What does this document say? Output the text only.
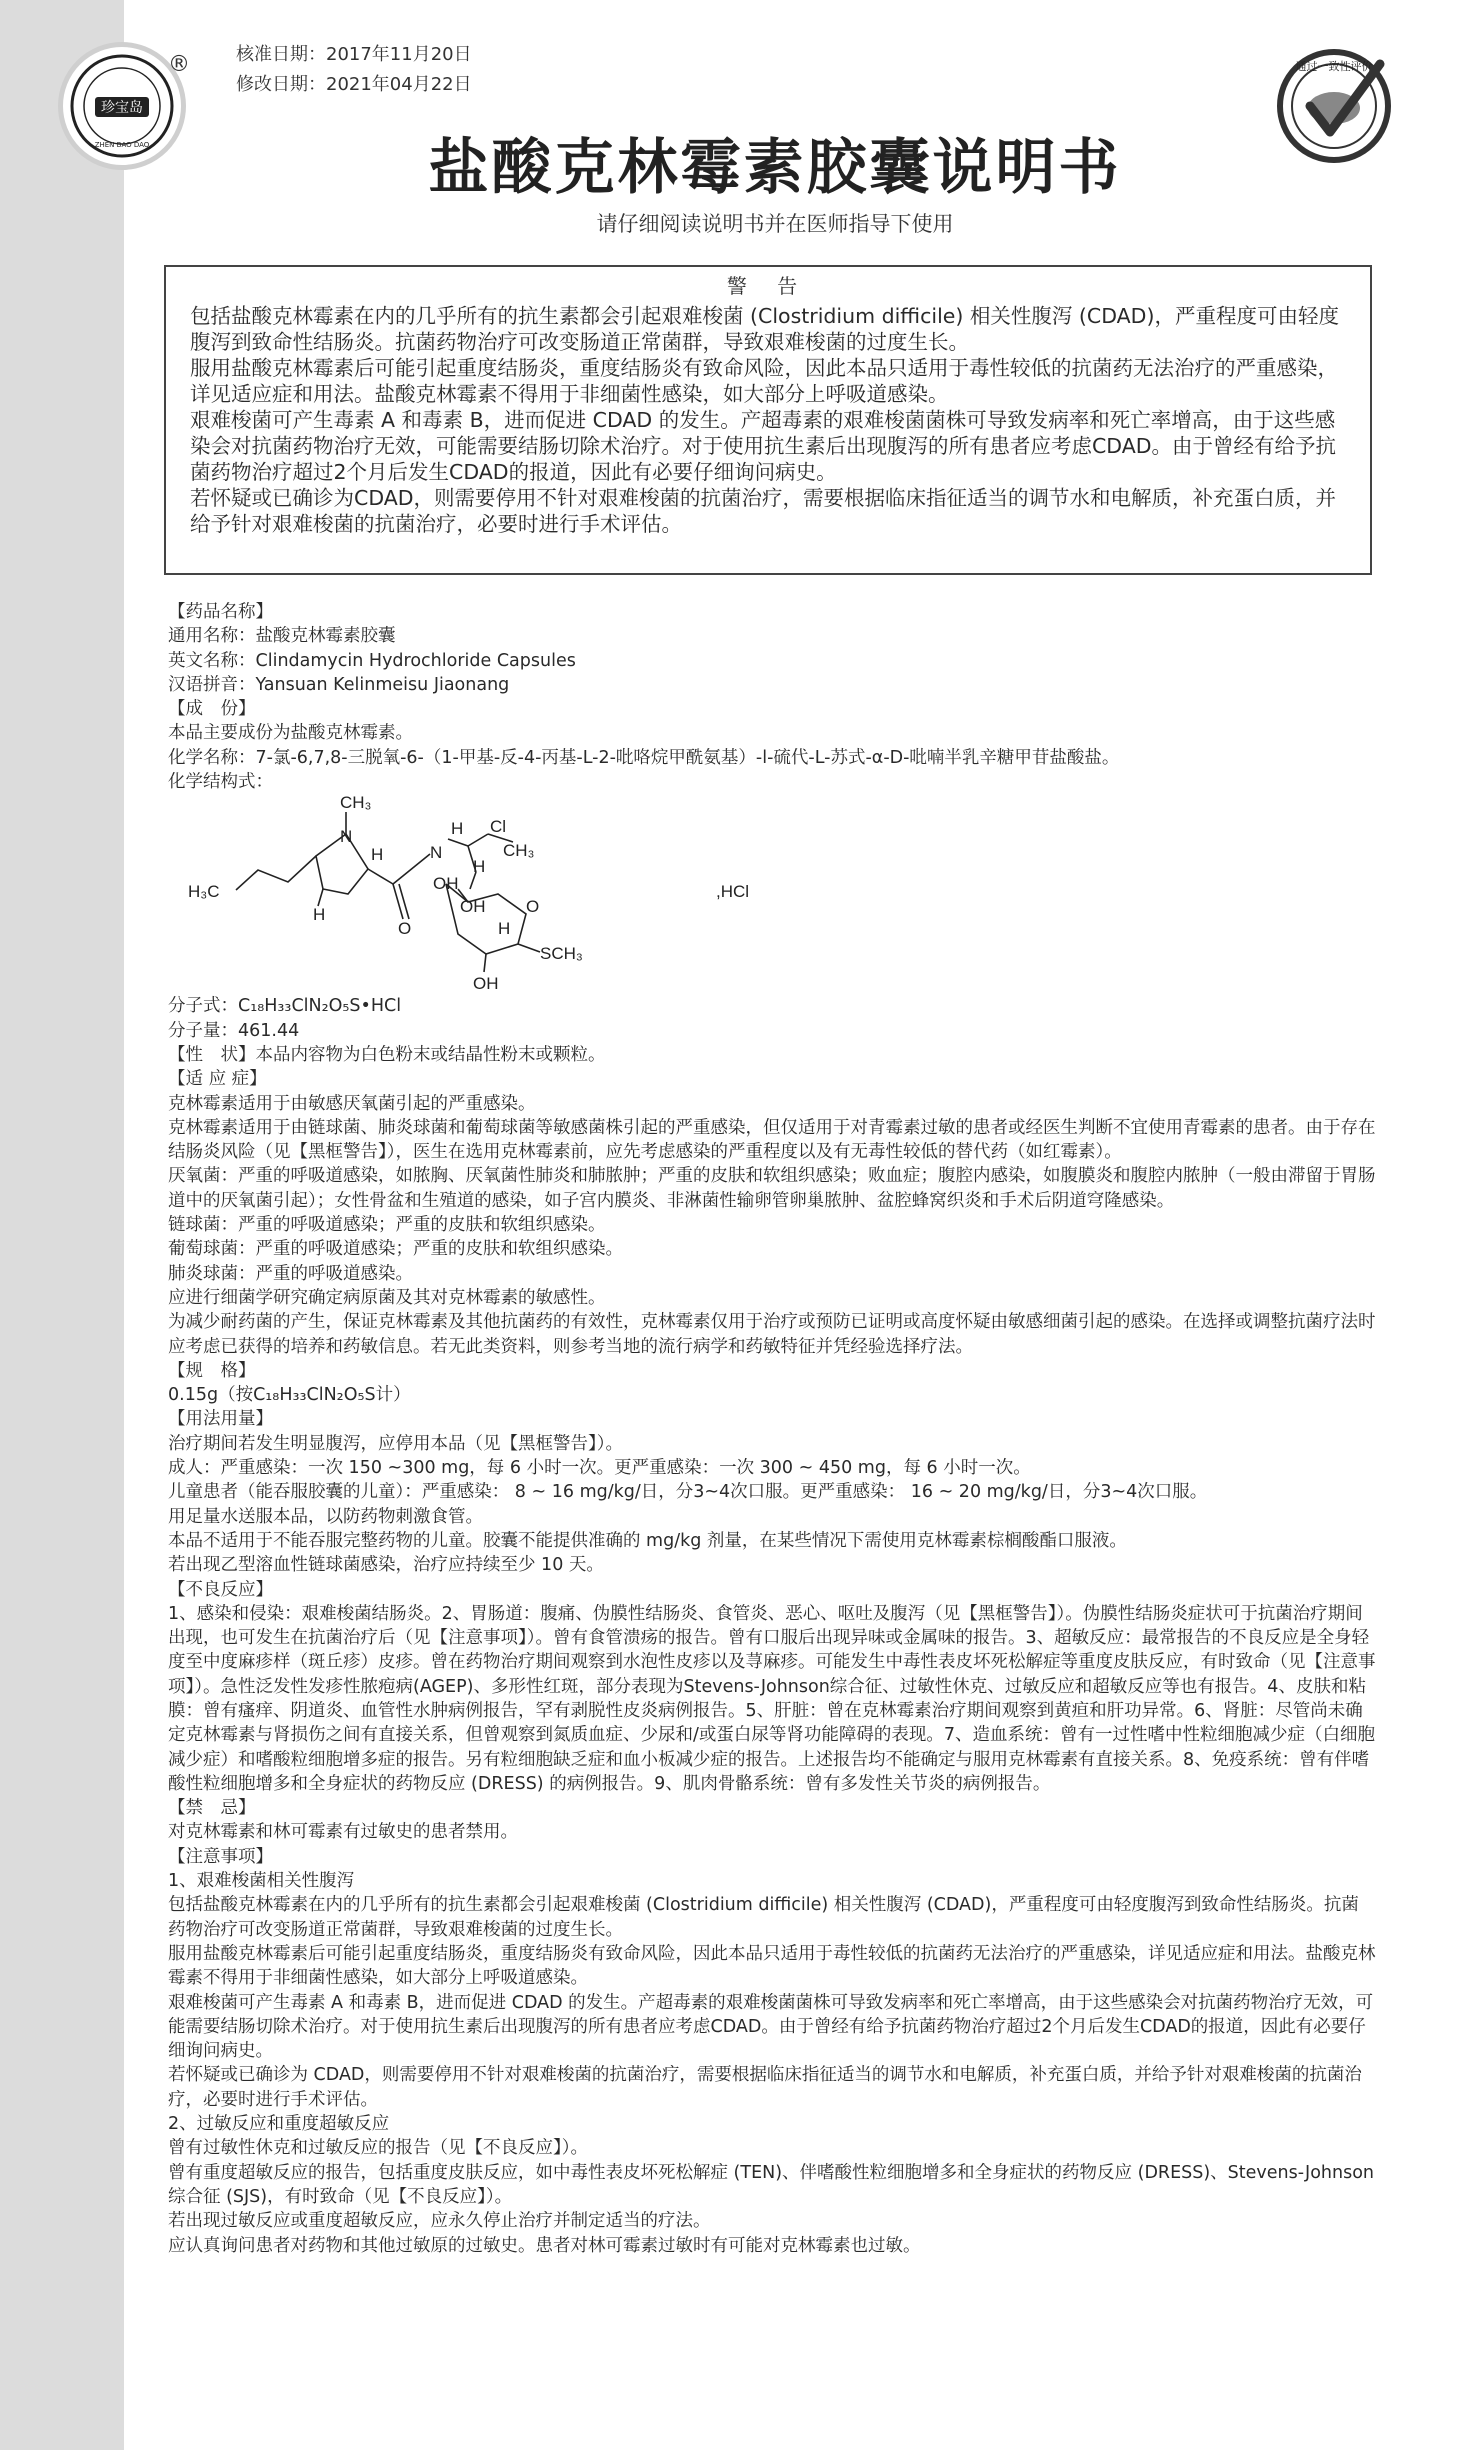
珍宝岛
ZHEN BAO DAO
®	核准日期：2017年11月20日
修改日期：2021年04月22日
通过一致性评价
盐酸克林霉素胶囊说明书
请仔细阅读说明书并在医师指导下使用
警 告

包括盐酸克林霉素在内的几乎所有的抗生素都会引起艰难梭菌 (Clostridium difficile) 相关性腹泻 (CDAD)，严重程度可由轻度腹泻到致命性结肠炎。抗菌药物治疗可改变肠道正常菌群，导致艰难梭菌的过度生长。

服用盐酸克林霉素后可能引起重度结肠炎，重度结肠炎有致命风险，因此本品只适用于毒性较低的抗菌药无法治疗的严重感染，详见适应症和用法。盐酸克林霉素不得用于非细菌性感染，如大部分上呼吸道感染。

艰难梭菌可产生毒素 A 和毒素 B，进而促进 CDAD 的发生。产超毒素的艰难梭菌菌株可导致发病率和死亡率增高，由于这些感染会对抗菌药物治疗无效，可能需要结肠切除术治疗。对于使用抗生素后出现腹泻的所有患者应考虑CDAD。由于曾经有给予抗菌药物治疗超过2个月后发生CDAD的报道，因此有必要仔细询问病史。

若怀疑或已确诊为CDAD，则需要停用不针对艰难梭菌的抗菌治疗，需要根据临床指征适当的调节水和电解质，补充蛋白质，并给予针对艰难梭菌的抗菌治疗，必要时进行手术评估。

【药品名称】

通用名称：盐酸克林霉素胶囊

英文名称：Clindamycin Hydrochloride Capsules

汉语拼音：Yansuan Kelinmeisu Jiaonang

【成　份】

本品主要成份为盐酸克林霉素。

化学名称：7-氯-6,7,8-三脱氧-6-（1-甲基-反-4-丙基-L-2-吡咯烷甲酰氨基）-l-硫代-L-苏式-α-D-吡喃半乳辛糖甲苷盐酸盐。

化学结构式：

CH₃
N
H
H
N
Cl
H
CH₃
H₃C
H
O
OH
H
OH O
SCH₃
OH
,HCl

分子式：C₁₈H₃₃ClN₂O₅S•HCl

分子量：461.44

【性　状】本品内容物为白色粉末或结晶性粉末或颗粒。

【适 应 症】

克林霉素适用于由敏感厌氧菌引起的严重感染。

克林霉素适用于由链球菌、肺炎球菌和葡萄球菌等敏感菌株引起的严重感染，但仅适用于对青霉素过敏的患者或经医生判断不宜使用青霉素的患者。由于存在结肠炎风险（见【黑框警告】），医生在选用克林霉素前，应先考虑感染的严重程度以及有无毒性较低的替代药（如红霉素）。

厌氧菌：严重的呼吸道感染，如脓胸、厌氧菌性肺炎和肺脓肿；严重的皮肤和软组织感染；败血症；腹腔内感染，如腹膜炎和腹腔内脓肿（一般由滞留于胃肠道中的厌氧菌引起）；女性骨盆和生殖道的感染，如子宫内膜炎、非淋菌性输卵管卵巢脓肿、盆腔蜂窝织炎和手术后阴道穹隆感染。

链球菌：严重的呼吸道感染；严重的皮肤和软组织感染。

葡萄球菌：严重的呼吸道感染；严重的皮肤和软组织感染。

肺炎球菌：严重的呼吸道感染。

应进行细菌学研究确定病原菌及其对克林霉素的敏感性。

为减少耐药菌的产生，保证克林霉素及其他抗菌药的有效性，克林霉素仅用于治疗或预防已证明或高度怀疑由敏感细菌引起的感染。在选择或调整抗菌疗法时应考虑已获得的培养和药敏信息。若无此类资料，则参考当地的流行病学和药敏特征并凭经验选择疗法。

【规　格】

0.15g（按C₁₈H₃₃ClN₂O₅S计）

【用法用量】

治疗期间若发生明显腹泻，应停用本品（见【黑框警告】）。

成人：严重感染：一次 150 ~300 mg，每 6 小时一次。更严重感染：一次 300 ~ 450 mg，每 6 小时一次。

儿童患者（能吞服胶囊的儿童）：严重感染： 8 ~ 16 mg/kg/日，分3~4次口服。更严重感染： 16 ~ 20 mg/kg/日，分3~4次口服。

用足量水送服本品，以防药物刺激食管。

本品不适用于不能吞服完整药物的儿童。胶囊不能提供准确的 mg/kg 剂量，在某些情况下需使用克林霉素棕榈酸酯口服液。

若出现乙型溶血性链球菌感染，治疗应持续至少 10 天。

【不良反应】

1、感染和侵染：艰难梭菌结肠炎。2、胃肠道：腹痛、伪膜性结肠炎、食管炎、恶心、呕吐及腹泻（见【黑框警告】）。伪膜性结肠炎症状可于抗菌治疗期间出现，也可发生在抗菌治疗后（见【注意事项】）。曾有食管溃疡的报告。曾有口服后出现异味或金属味的报告。3、超敏反应：最常报告的不良反应是全身轻度至中度麻疹样（斑丘疹）皮疹。曾在药物治疗期间观察到水泡性皮疹以及荨麻疹。可能发生中毒性表皮坏死松解症等重度皮肤反应，有时致命（见【注意事项】）。急性泛发性发疹性脓疱病(AGEP)、多形性红斑，部分表现为Stevens-Johnson综合征、过敏性休克、过敏反应和超敏反应等也有报告。4、皮肤和粘膜：曾有瘙痒、阴道炎、血管性水肿病例报告，罕有剥脱性皮炎病例报告。5、肝脏：曾在克林霉素治疗期间观察到黄疸和肝功异常。6、肾脏：尽管尚未确定克林霉素与肾损伤之间有直接关系，但曾观察到氮质血症、少尿和/或蛋白尿等肾功能障碍的表现。7、造血系统：曾有一过性嗜中性粒细胞减少症（白细胞减少症）和嗜酸粒细胞增多症的报告。另有粒细胞缺乏症和血小板减少症的报告。上述报告均不能确定与服用克林霉素有直接关系。8、免疫系统：曾有伴嗜酸性粒细胞增多和全身症状的药物反应 (DRESS) 的病例报告。9、肌肉骨骼系统：曾有多发性关节炎的病例报告。

【禁　忌】

对克林霉素和林可霉素有过敏史的患者禁用。

【注意事项】

1、艰难梭菌相关性腹泻

包括盐酸克林霉素在内的几乎所有的抗生素都会引起艰难梭菌 (Clostridium difficile) 相关性腹泻 (CDAD)，严重程度可由轻度腹泻到致命性结肠炎。抗菌药物治疗可改变肠道正常菌群，导致艰难梭菌的过度生长。

服用盐酸克林霉素后可能引起重度结肠炎，重度结肠炎有致命风险，因此本品只适用于毒性较低的抗菌药无法治疗的严重感染，详见适应症和用法。盐酸克林霉素不得用于非细菌性感染，如大部分上呼吸道感染。

艰难梭菌可产生毒素 A 和毒素 B，进而促进 CDAD 的发生。产超毒素的艰难梭菌菌株可导致发病率和死亡率增高，由于这些感染会对抗菌药物治疗无效，可能需要结肠切除术治疗。对于使用抗生素后出现腹泻的所有患者应考虑CDAD。由于曾经有给予抗菌药物治疗超过2个月后发生CDAD的报道，因此有必要仔细询问病史。

若怀疑或已确诊为 CDAD，则需要停用不针对艰难梭菌的抗菌治疗，需要根据临床指征适当的调节水和电解质，补充蛋白质，并给予针对艰难梭菌的抗菌治疗，必要时进行手术评估。

2、过敏反应和重度超敏反应

曾有过敏性休克和过敏反应的报告（见【不良反应】）。

曾有重度超敏反应的报告，包括重度皮肤反应，如中毒性表皮坏死松解症 (TEN)、伴嗜酸性粒细胞增多和全身症状的药物反应 (DRESS)、Stevens-Johnson综合征 (SJS)，有时致命（见【不良反应】）。

若出现过敏反应或重度超敏反应，应永久停止治疗并制定适当的疗法。

应认真询问患者对药物和其他过敏原的过敏史。患者对林可霉素过敏时有可能对克林霉素也过敏。
